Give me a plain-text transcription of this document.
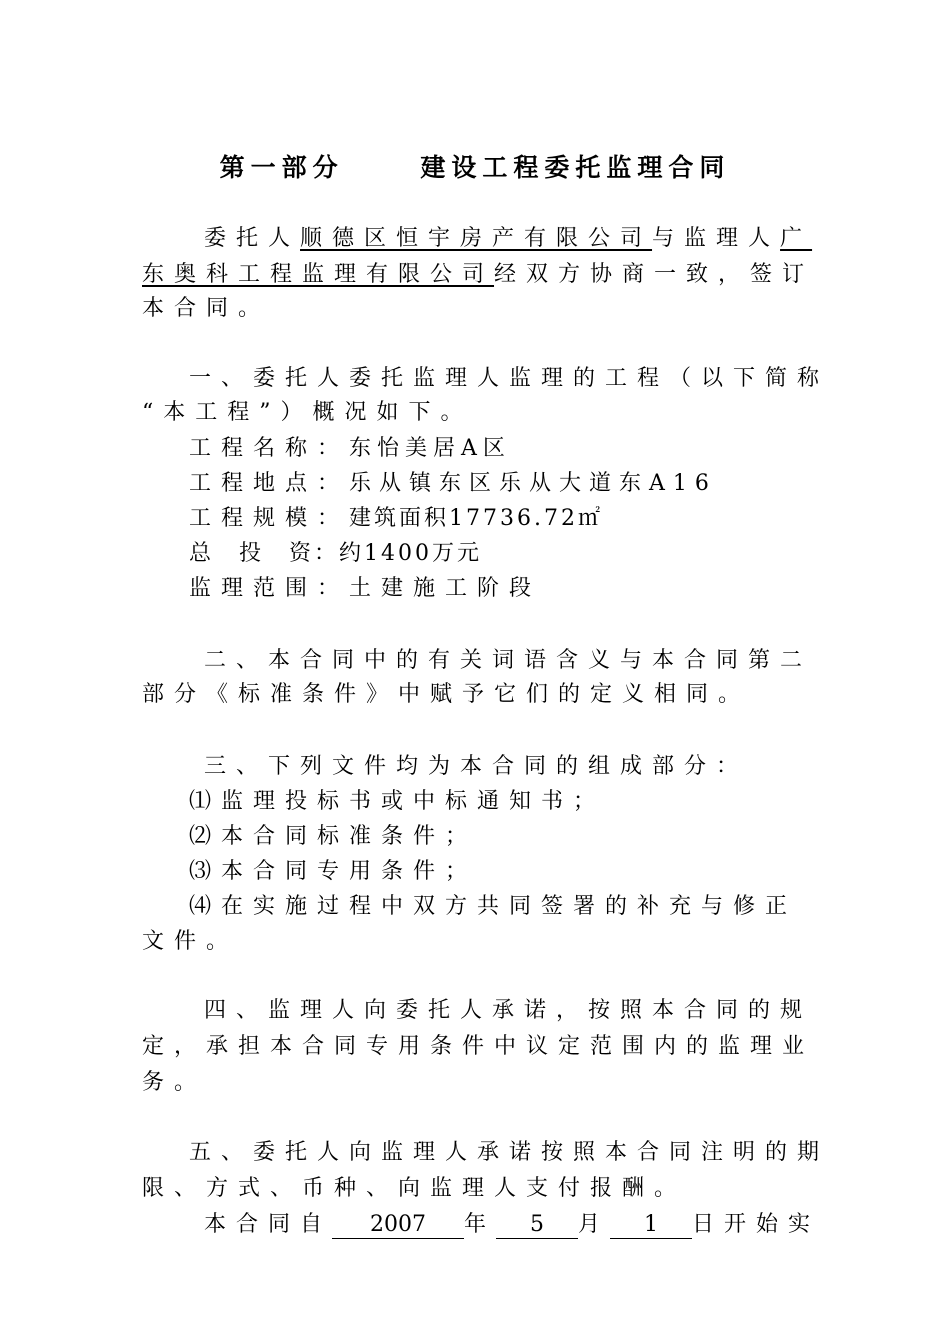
第一部分　　 建设工程委托监理合同
委托人顺德区恒宇房产有限公司与监理人广
东奥科工程监理有限公司经双方协商一致，签订
本合同。
一、委托人委托监理人监理的工程（以下简称
“本工程”）概况如下。
工程名称：东怡美居A区
工程地点：乐从镇东区乐从大道东A16
工程规模：建筑面积17736.72㎡
总　投　资：约1400万元
监理范围：土建施工阶段
二、本合同中的有关词语含义与本合同第二
部分《标准条件》中赋予它们的定义相同。
三、下列文件均为本合同的组成部分：
⑴监理投标书或中标通知书；
⑵本合同标准条件；
⑶本合同专用条件；
⑷在实施过程中双方共同签署的补充与修正
文件。
四、监理人向委托人承诺，按照本合同的规
定，承担本合同专用条件中议定范围内的监理业
务。
五、委托人向监理人承诺按照本合同注明的期
限、方式、币种、向监理人支付报酬。
本合同自 2007 年 5 月 1 日开始实
